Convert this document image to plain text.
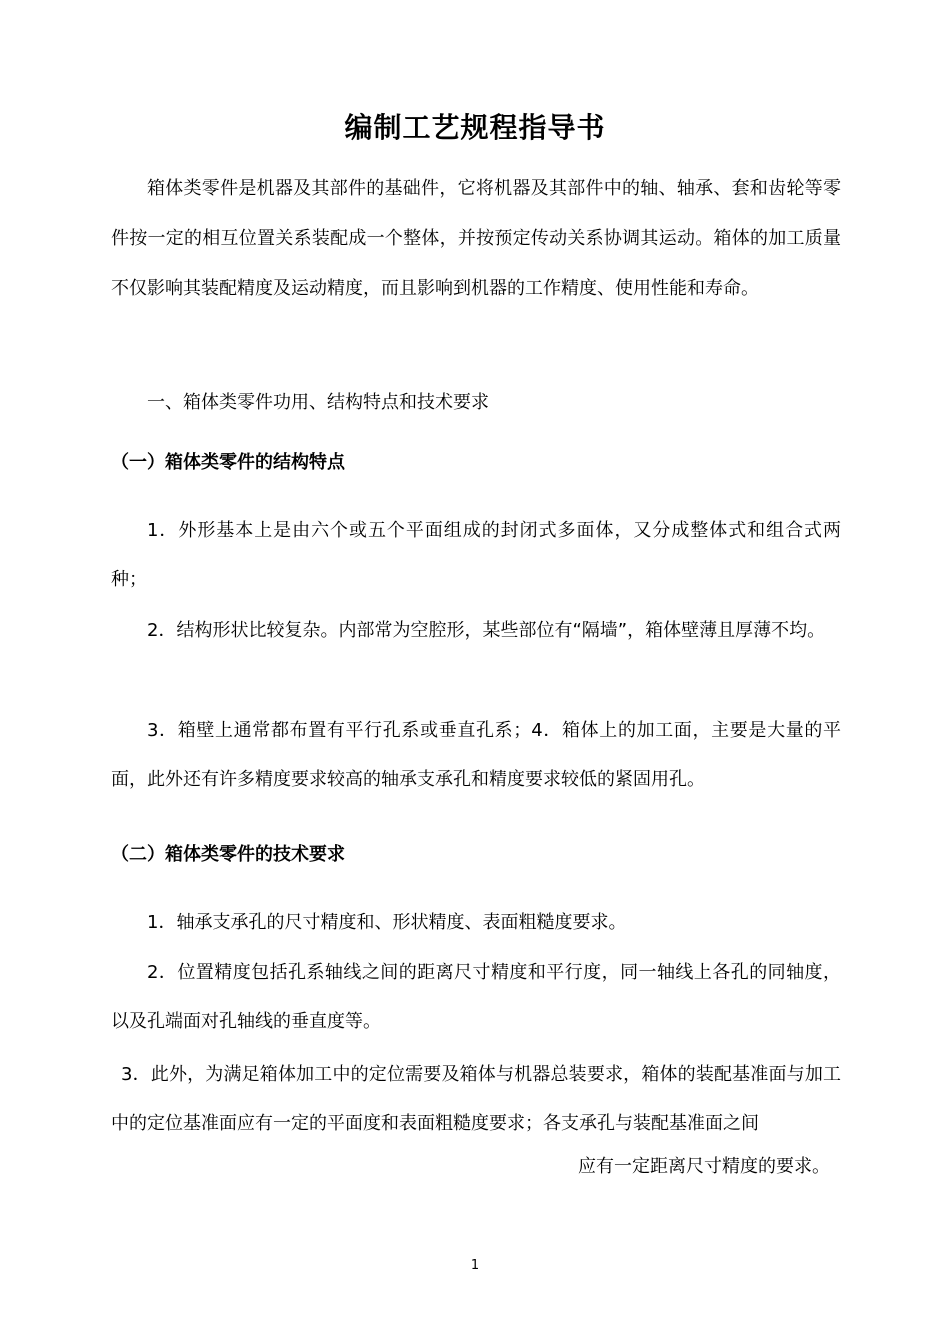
编制工艺规程指导书
箱体类零件是机器及其部件的基础件，它将机器及其部件中的轴、轴承、套和齿轮等零件按一定的相互位置关系装配成一个整体，并按预定传动关系协调其运动。箱体的加工质量不仅影响其装配精度及运动精度，而且影响到机器的工作精度、使用性能和寿命。
一、箱体类零件功用、结构特点和技术要求
（一）箱体类零件的结构特点
1．外形基本上是由六个或五个平面组成的封闭式多面体，又分成整体式和组合式两种；
2．结构形状比较复杂。内部常为空腔形，某些部位有“隔墙”，箱体壁薄且厚薄不均。
3．箱壁上通常都布置有平行孔系或垂直孔系；4．箱体上的加工面，主要是大量的平面，此外还有许多精度要求较高的轴承支承孔和精度要求较低的紧固用孔。
（二）箱体类零件的技术要求
1．轴承支承孔的尺寸精度和、形状精度、表面粗糙度要求。
2．位置精度包括孔系轴线之间的距离尺寸精度和平行度，同一轴线上各孔的同轴度，以及孔端面对孔轴线的垂直度等。
3．此外，为满足箱体加工中的定位需要及箱体与机器总装要求，箱体的装配基准面与加工中的定位基准面应有一定的平面度和表面粗糙度要求；各支承孔与装配基准面之间
应有一定距离尺寸精度的要求。
1
